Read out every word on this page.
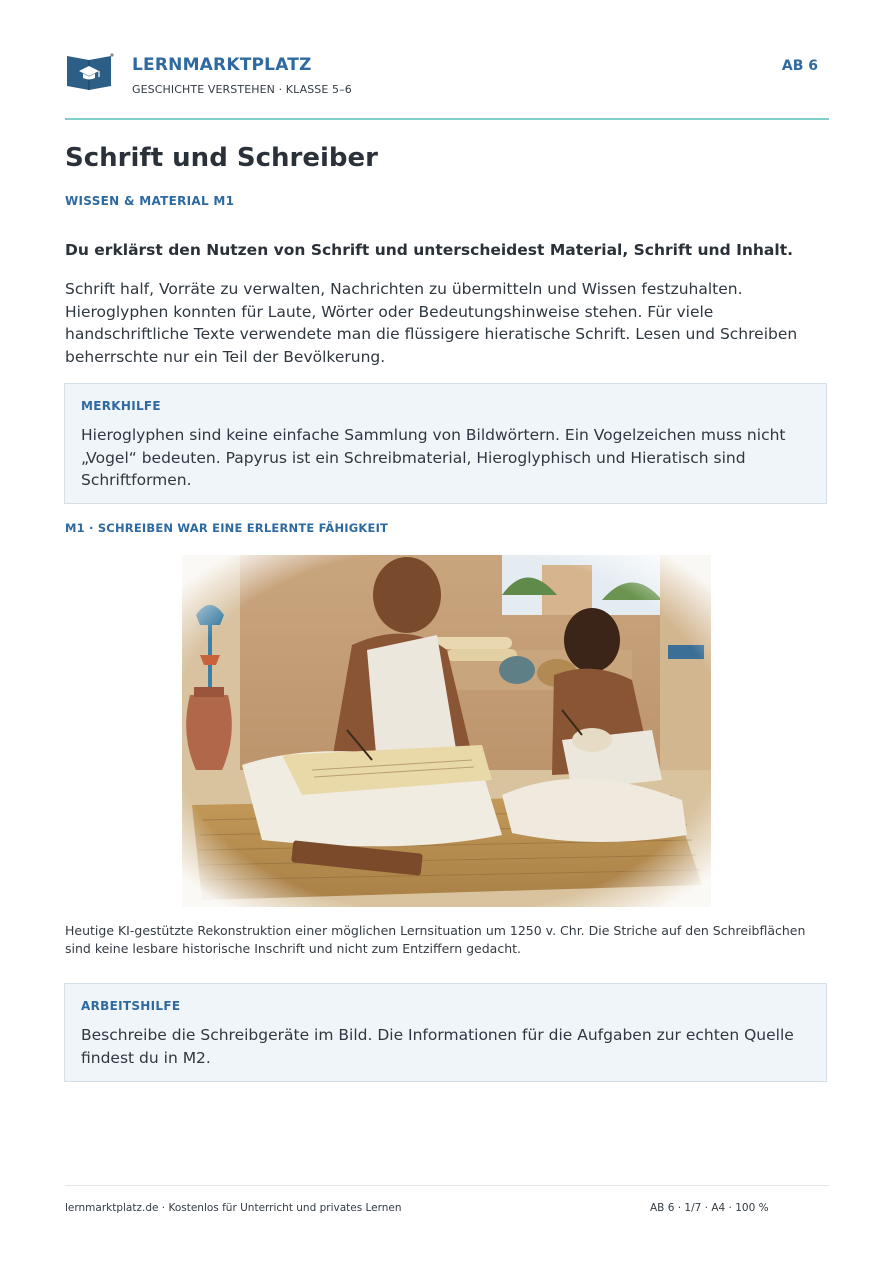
LERNMARKTPLATZ
GESCHICHTE VERSTEHEN · KLASSE 5–6
AB 6
Schrift und Schreiber
WISSEN & MATERIAL M1
Du erklärst den Nutzen von Schrift und unterscheidest Material, Schrift und Inhalt.
Schrift half, Vorräte zu verwalten, Nachrichten zu übermitteln und Wissen festzuhalten. Hieroglyphen konnten für Laute, Wörter oder Bedeutungshinweise stehen. Für viele handschriftliche Texte verwendete man die flüssigere hieratische Schrift. Lesen und Schreiben beherrschte nur ein Teil der Bevölkerung.
MERKHILFE
Hieroglyphen sind keine einfache Sammlung von Bildwörtern. Ein Vogelzeichen muss nicht „Vogel“ bedeuten. Papyrus ist ein Schreibmaterial, Hieroglyphisch und Hieratisch sind Schriftformen.
M1 · SCHREIBEN WAR EINE ERLERNTE FÄHIGKEIT
Heutige KI-gestützte Rekonstruktion einer möglichen Lernsituation um 1250 v. Chr. Die Striche auf den Schreibflächen sind keine lesbare historische Inschrift und nicht zum Entziffern gedacht.
ARBEITSHILFE
Beschreibe die Schreibgeräte im Bild. Die Informationen für die Aufgaben zur echten Quelle findest du in M2.
lernmarktplatz.de · Kostenlos für Unterricht und privates Lernen	AB 6 · 1/7 · A4 · 100 %
